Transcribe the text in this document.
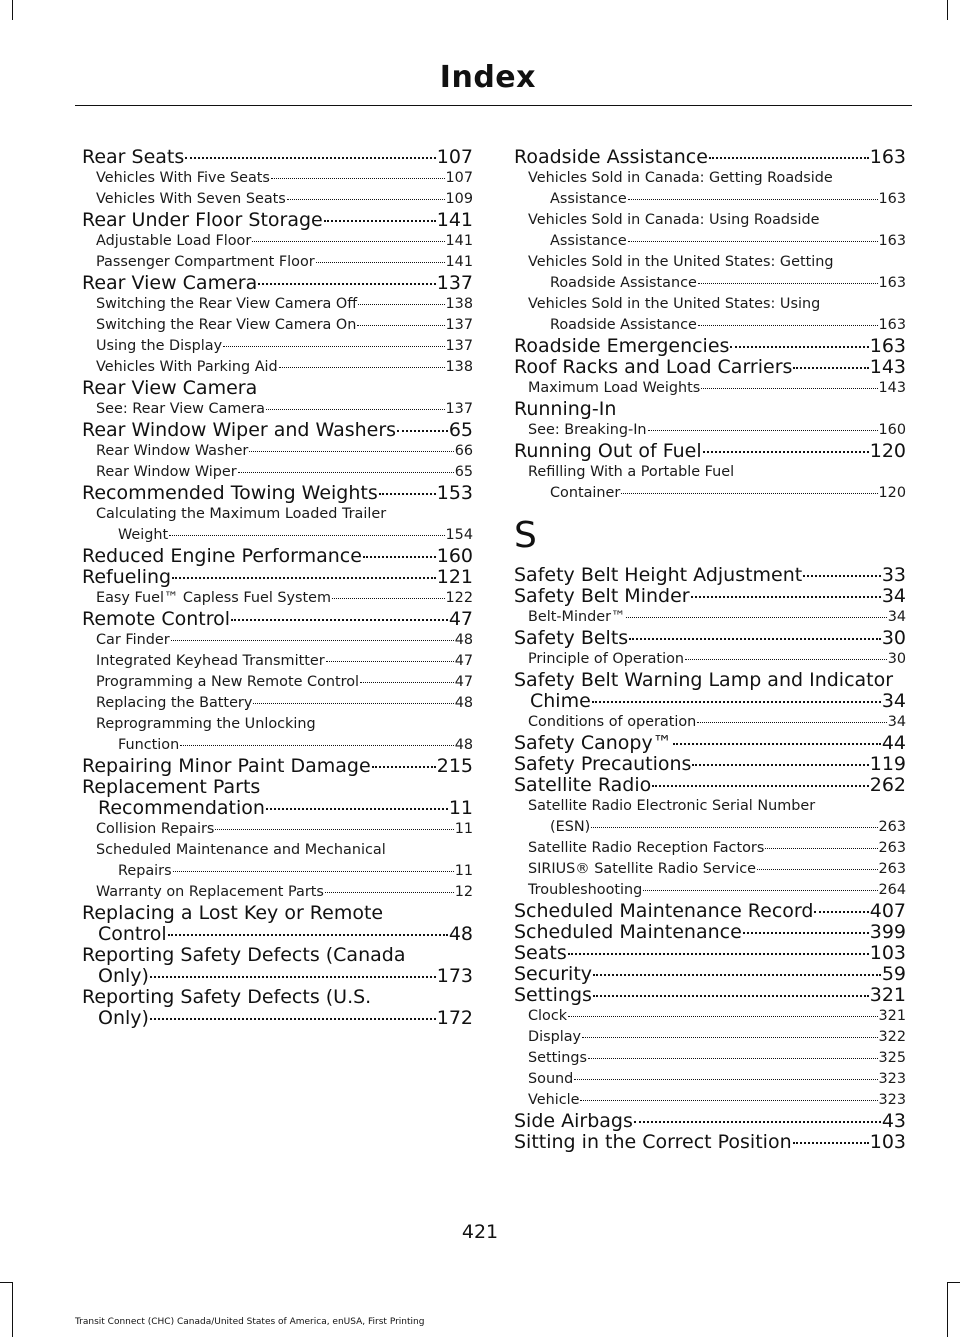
Index
Rear Seats	107
Vehicles With Five Seats	107
Vehicles With Seven Seats	109
Rear Under Floor Storage	141
Adjustable Load Floor	141
Passenger Compartment Floor	141
Rear View Camera	137
Switching the Rear View Camera Off	138
Switching the Rear View Camera On	137
Using the Display	137
Vehicles With Parking Aid	138
Rear View Camera
See: Rear View Camera	137
Rear Window Wiper and Washers	65
Rear Window Washer	66
Rear Window Wiper	65
Recommended Towing Weights	153
Calculating the Maximum Loaded Trailer
Weight	154
Reduced Engine Performance	160
Refueling	121
Easy Fuel™ Capless Fuel System	122
Remote Control	47
Car Finder	48
Integrated Keyhead Transmitter	47
Programming a New Remote Control	47
Replacing the Battery	48
Reprogramming the Unlocking
Function	48
Repairing Minor Paint Damage	215
Replacement Parts
Recommendation	11
Collision Repairs	11
Scheduled Maintenance and Mechanical
Repairs	11
Warranty on Replacement Parts	12
Replacing a Lost Key or Remote
Control	48
Reporting Safety Defects (Canada
Only)	173
Reporting Safety Defects (U.S.
Only)	172
Roadside Assistance	163
Vehicles Sold in Canada: Getting Roadside
Assistance	163
Vehicles Sold in Canada: Using Roadside
Assistance	163
Vehicles Sold in the United States: Getting
Roadside Assistance	163
Vehicles Sold in the United States: Using
Roadside Assistance	163
Roadside Emergencies	163
Roof Racks and Load Carriers	143
Maximum Load Weights	143
Running-In
See: Breaking-In	160
Running Out of Fuel	120
Refilling With a Portable Fuel
Container	120
S
Safety Belt Height Adjustment	33
Safety Belt Minder	34
Belt-Minder™	34
Safety Belts	30
Principle of Operation	30
Safety Belt Warning Lamp and Indicator
Chime	34
Conditions of operation	34
Safety Canopy™	44
Safety Precautions	119
Satellite Radio	262
Satellite Radio Electronic Serial Number
(ESN)	263
Satellite Radio Reception Factors	263
SIRIUS® Satellite Radio Service	263
Troubleshooting	264
Scheduled Maintenance Record	407
Scheduled Maintenance	399
Seats	103
Security	59
Settings	321
Clock	321
Display	322
Settings	325
Sound	323
Vehicle	323
Side Airbags	43
Sitting in the Correct Position	103
421
Transit Connect (CHC) Canada/United States of America, enUSA, First Printing
